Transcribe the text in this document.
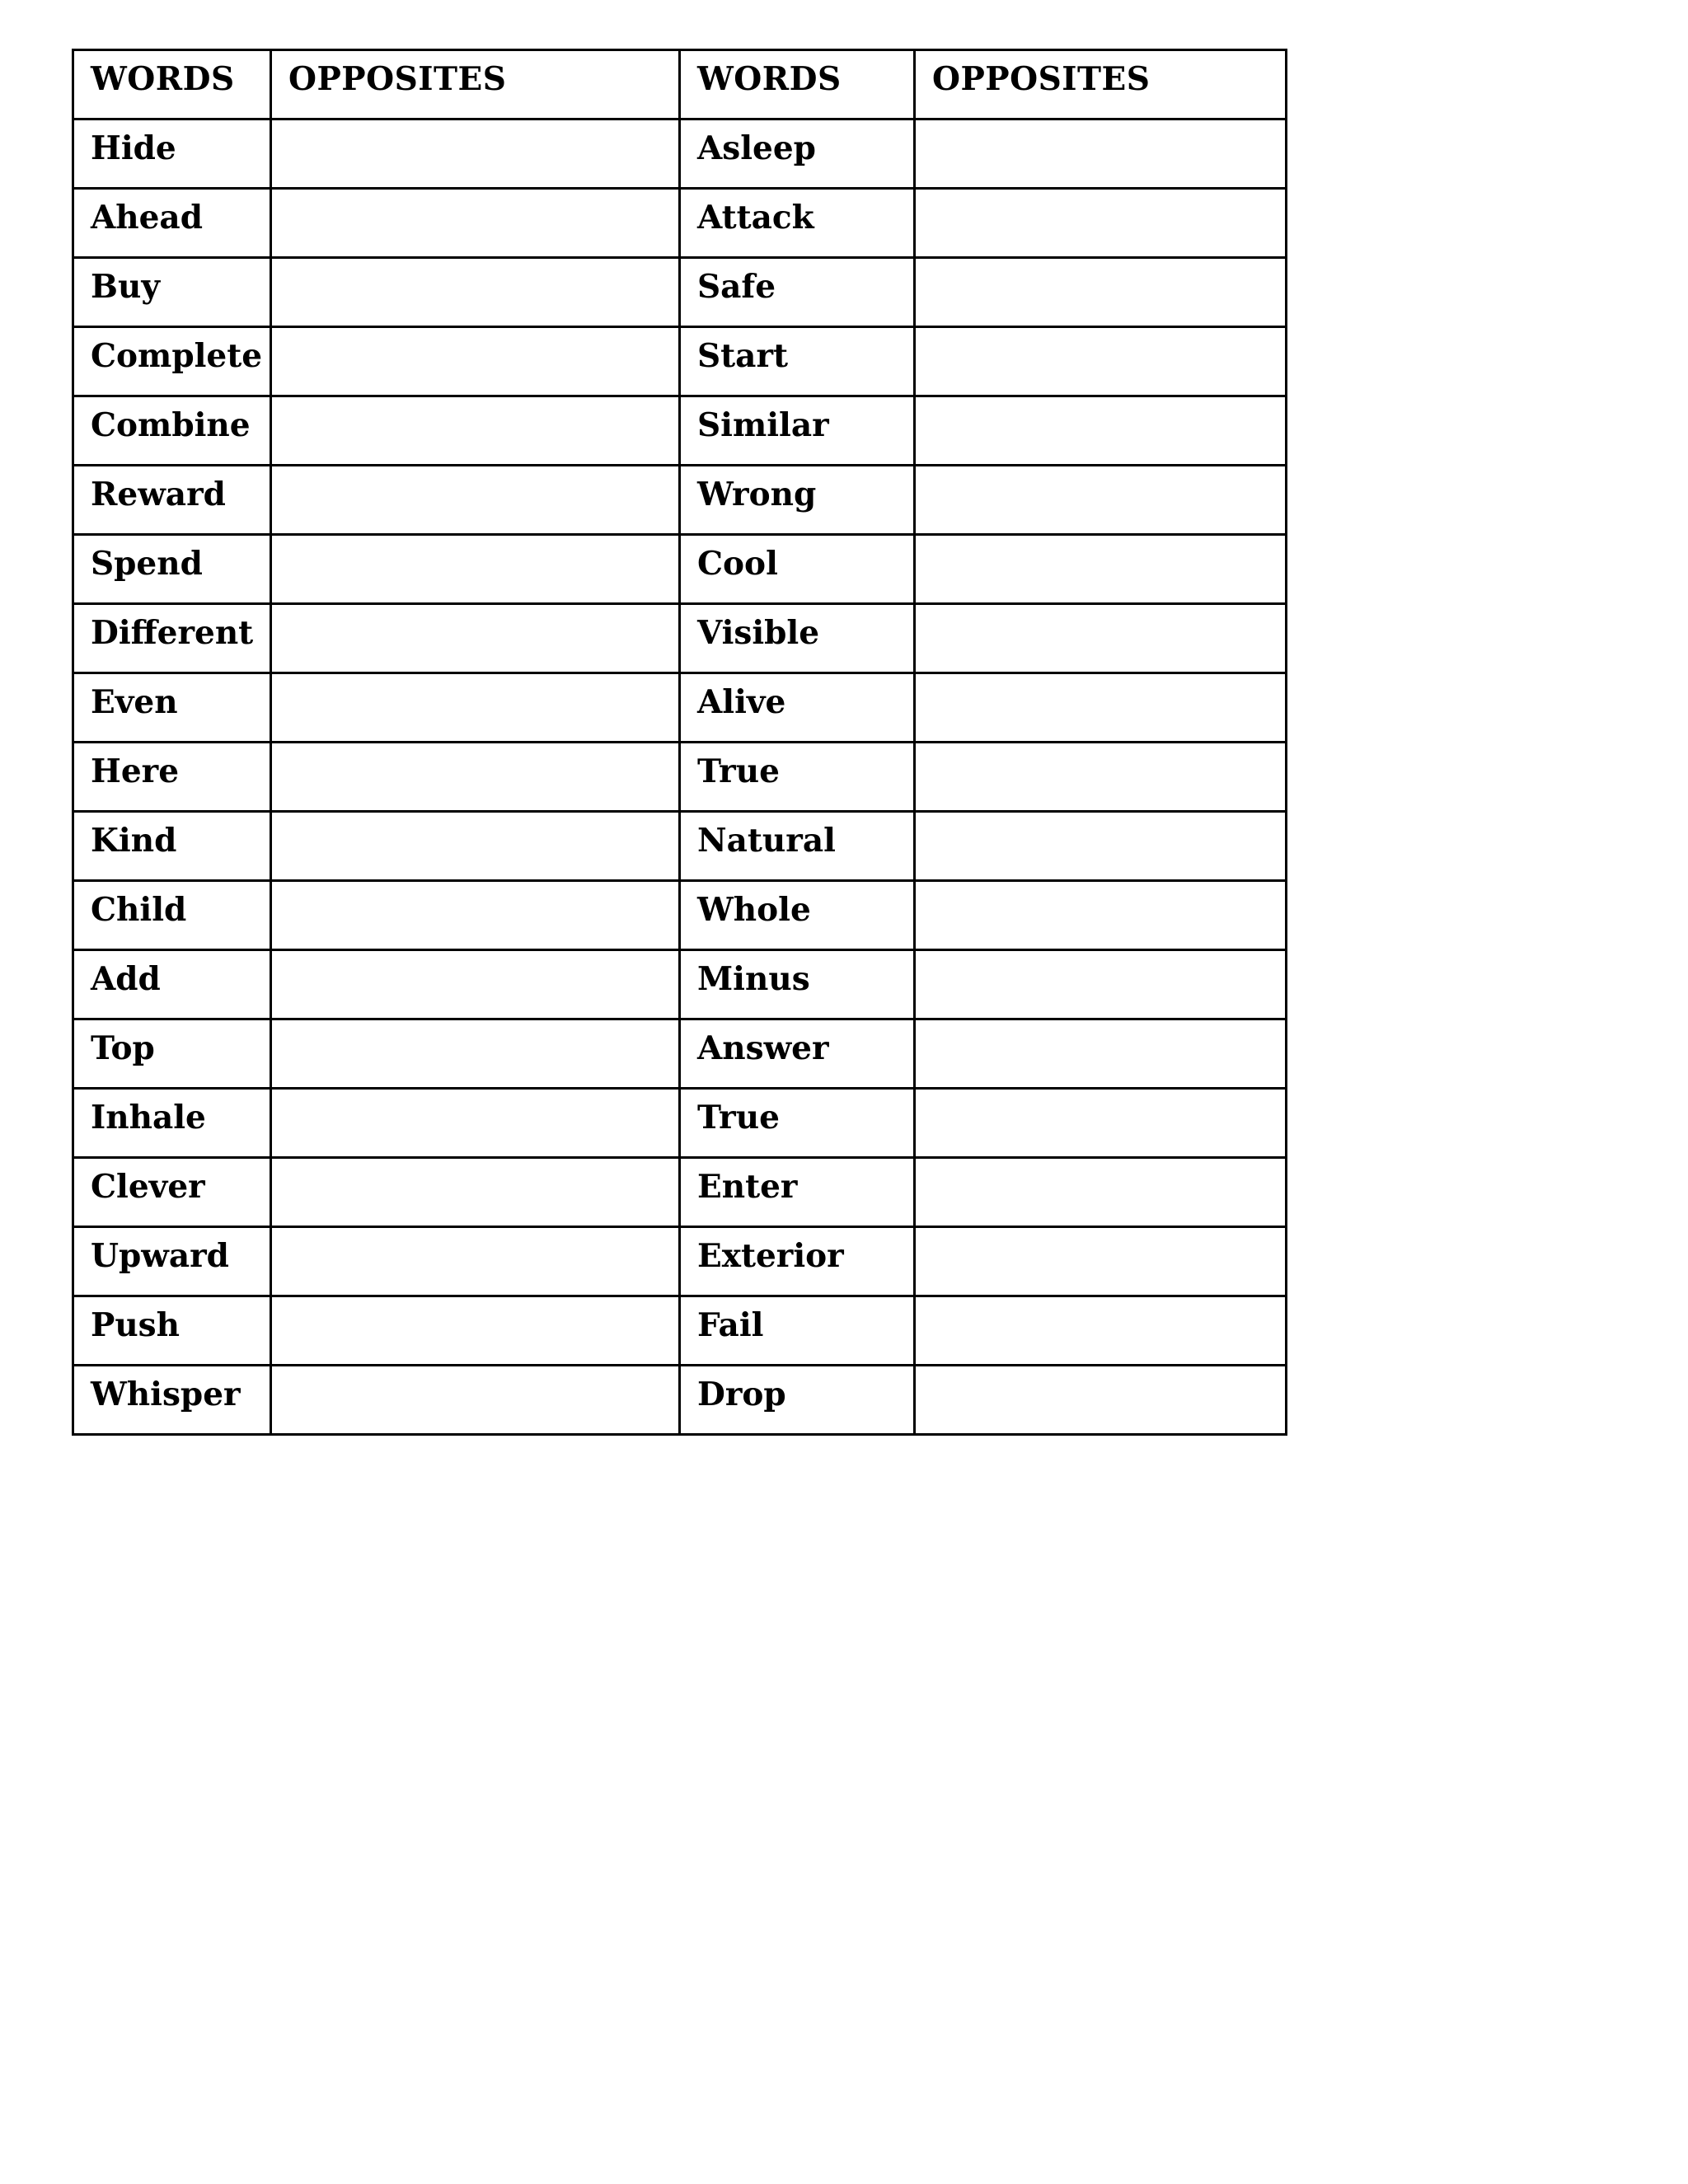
WORDS	OPPOSITES	WORDS	OPPOSITES
Hide		Asleep	
Ahead		Attack	
Buy		Safe	
Complete		Start	
Combine		Similar	
Reward		Wrong	
Spend		Cool	
Different		Visible	
Even		Alive	
Here		True	
Kind		Natural	
Child		Whole	
Add		Minus	
Top		Answer	
Inhale		True	
Clever		Enter	
Upward		Exterior	
Push		Fail	
Whisper		Drop	
